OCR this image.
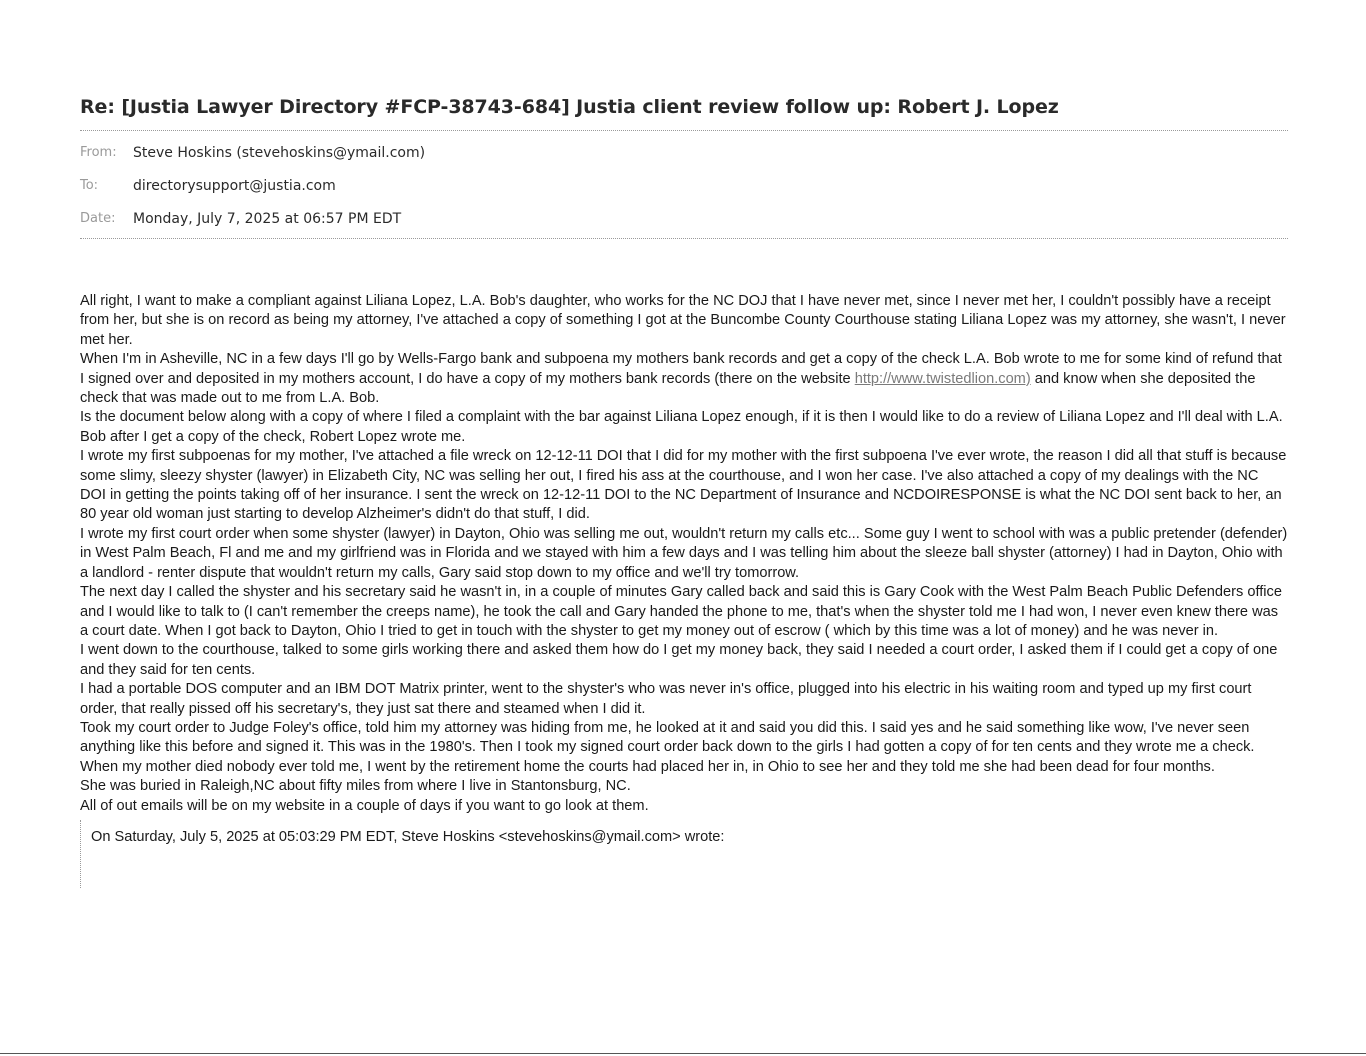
Re: [Justia Lawyer Directory #FCP-38743-684] Justia client review follow up: Robert J. Lopez
From:	Steve Hoskins (stevehoskins@ymail.com)
To:	directorysupport@justia.com
Date:	Monday, July 7, 2025 at 06:57 PM EDT

All right, I want to make a compliant against Liliana Lopez, L.A. Bob's daughter, who works for the NC DOJ that I have never met, since I never met her, I couldn't possibly have a receipt from her, but she is on record as being my attorney, I've attached a copy of something I got at the Buncombe County Courthouse stating Liliana Lopez was my attorney, she wasn't, I never met her.

When I'm in Asheville, NC in a few days I'll go by Wells-Fargo bank and subpoena my mothers bank records and get a copy of the check L.A. Bob wrote to me for some kind of refund that I signed over and deposited in my mothers account, I do have a copy of my mothers bank records (there on the website http://www.twistedlion.com) and know when she deposited the check that was made out to me from L.A. Bob.

Is the document below along with a copy of where I filed a complaint with the bar against Liliana Lopez enough, if it is then I would like to do a review of Liliana Lopez and I'll deal with L.A. Bob after I get a copy of the check, Robert Lopez wrote me.

I wrote my first subpoenas for my mother, I've attached a file wreck on 12-12-11 DOI that I did for my mother with the first subpoena I've ever wrote, the reason I did all that stuff is because some slimy, sleezy shyster (lawyer) in Elizabeth City, NC was selling her out, I fired his ass at the courthouse, and I won her case. I've also attached a copy of my dealings with the NC DOI in getting the points taking off of her insurance. I sent the wreck on 12-12-11 DOI to the NC Department of Insurance and NCDOIRESPONSE is what the NC DOI sent back to her, an 80 year old woman just starting to develop Alzheimer's didn't do that stuff, I did.

I wrote my first court order when some shyster (lawyer) in Dayton, Ohio was selling me out, wouldn't return my calls etc... Some guy I went to school with was a public pretender (defender) in West Palm Beach, Fl and me and my girlfriend was in Florida and we stayed with him a few days and I was telling him about the sleeze ball shyster (attorney) I had in Dayton, Ohio with a landlord - renter dispute that wouldn't return my calls, Gary said stop down to my office and we'll try tomorrow.

The next day I called the shyster and his secretary said he wasn't in, in a couple of minutes Gary called back and said this is Gary Cook with the West Palm Beach Public Defenders office and I would like to talk to (I can't remember the creeps name), he took the call and Gary handed the phone to me, that's when the shyster told me I had won, I never even knew there was a court date. When I got back to Dayton, Ohio I tried to get in touch with the shyster to get my money out of escrow ( which by this time was a lot of money) and he was never in.

I went down to the courthouse, talked to some girls working there and asked them how do I get my money back, they said I needed a court order, I asked them if I could get a copy of one and they said for ten cents.

I had a portable DOS computer and an IBM DOT Matrix printer, went to the shyster's who was never in's office, plugged into his electric in his waiting room and typed up my first court order, that really pissed off his secretary's, they just sat there and steamed when I did it.

Took my court order to Judge Foley's office, told him my attorney was hiding from me, he looked at it and said you did this. I said yes and he said something like wow, I've never seen anything like this before and signed it. This was in the 1980's. Then I took my signed court order back down to the girls I had gotten a copy of for ten cents and they wrote me a check.

When my mother died nobody ever told me, I went by the retirement home the courts had placed her in, in Ohio to see her and they told me she had been dead for four months.

She was buried in Raleigh,NC about fifty miles from where I live in Stantonsburg, NC.

All of out emails will be on my website in a couple of days if you want to go look at them.

On Saturday, July 5, 2025 at 05:03:29 PM EDT, Steve Hoskins <stevehoskins@ymail.com> wrote:
